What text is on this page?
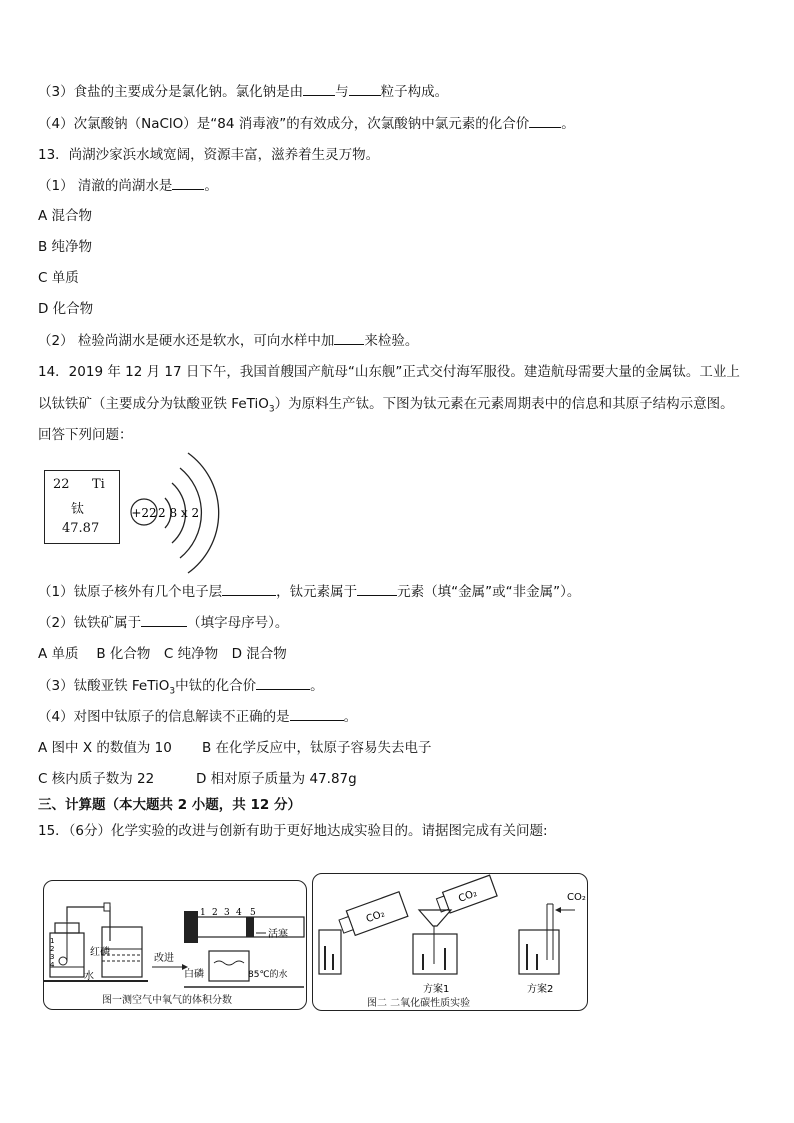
（3）食盐的主要成分是氯化钠。氯化钠是由 与 粒子构成。
（4）次氯酸钠（NaClO）是“84 消毒液”的有效成分，次氯酸钠中氯元素的化合价 。
13．尚湖沙家浜水域宽阔，资源丰富，滋养着生灵万物。
（1） 清澈的尚湖水是 。
A 混合物
B 纯净物
C 单质
D 化合物
（2） 检验尚湖水是硬水还是软水，可向水样中加 来检验。
14．2019 年 12 月 17 日下午，我国首艘国产航母“山东舰”正式交付海军服役。建造航母需要大量的金属钛。工业上
以钛铁矿（主要成分为钛酸亚铁 FeTiO$_3$）为原料生产钛。下图为钛元素在元素周期表中的信息和其原子结构示意图。
回答下列问题：
22 Ti
钛
47.87
+22 2 8 x 2
（1）钛原子核外有几个电子层	，钛元素属于	元素（填“金属”或“非金属”）。
（2）钛铁矿属于	（填字母序号）。
A 单质　 B 化合物　C 纯净物　D 混合物
（3）钛酸亚铁 FeTiO$_3$中钛的化合价	。
（4）对图中钛原子的信息解读不正确的是	。
A 图中 X 的数值为 10 B 在化学反应中，钛原子容易失去电子
C 核内质子数为 22	D 相对原子质量为 47.87g
三、计算题（本大题共 2 小题，共 12 分）
15．（6分）化学实验的改进与创新有助于更好地达成实验目的。请据图完成有关问题:
1
2
3
4
红磷
水
改进
1 2 3 4 5
活塞
白磷	85℃的水
图一测空气中氧气的体积分数
CO₂
CO₂
方案1
CO₂
方案2
图二 二氧化碳性质实验
